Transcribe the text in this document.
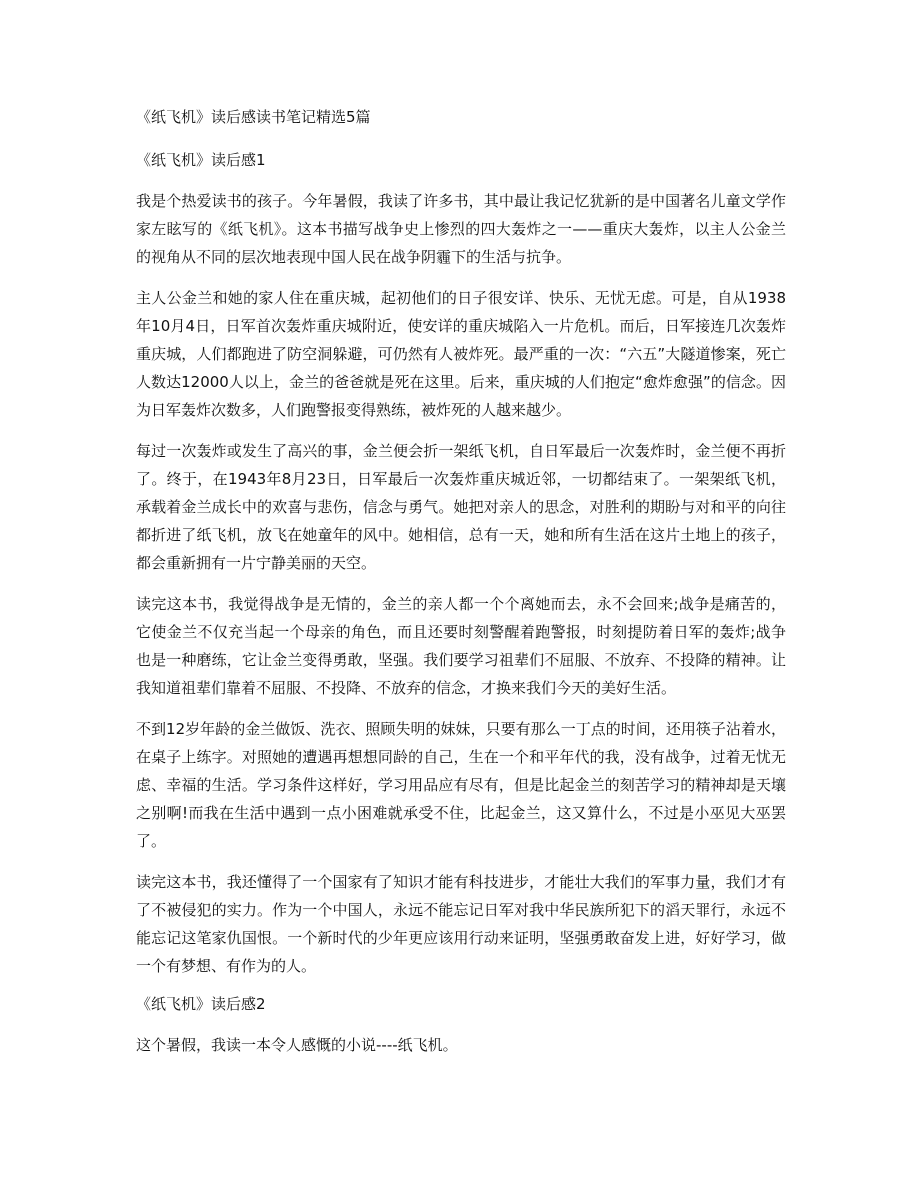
《纸飞机》读后感读书笔记精选5篇
《纸飞机》读后感1

我是个热爱读书的孩子。今年暑假，我读了许多书，其中最让我记忆犹新的是中国著名儿童文学作家左眩写的《纸飞机》。这本书描写战争史上惨烈的四大轰炸之一——重庆大轰炸，以主人公金兰的视角从不同的层次地表现中国人民在战争阴霾下的生活与抗争。

主人公金兰和她的家人住在重庆城，起初他们的日子很安详、快乐、无忧无虑。可是，自从1938年10月4日，日军首次轰炸重庆城附近，使安详的重庆城陷入一片危机。而后，日军接连几次轰炸重庆城，人们都跑进了防空洞躲避，可仍然有人被炸死。最严重的一次：“六五”大隧道惨案，死亡人数达12000人以上，金兰的爸爸就是死在这里。后来，重庆城的人们抱定“愈炸愈强”的信念。因为日军轰炸次数多，人们跑警报变得熟练，被炸死的人越来越少。

每过一次轰炸或发生了高兴的事，金兰便会折一架纸飞机，自日军最后一次轰炸时，金兰便不再折了。终于，在1943年8月23日，日军最后一次轰炸重庆城近邻，一切都结束了。一架架纸飞机，承载着金兰成长中的欢喜与悲伤，信念与勇气。她把对亲人的思念，对胜利的期盼与对和平的向往都折进了纸飞机，放飞在她童年的风中。她相信，总有一天，她和所有生活在这片土地上的孩子，都会重新拥有一片宁静美丽的天空。

读完这本书，我觉得战争是无情的，金兰的亲人都一个个离她而去，永不会回来;战争是痛苦的，它使金兰不仅充当起一个母亲的角色，而且还要时刻警醒着跑警报，时刻提防着日军的轰炸;战争也是一种磨练，它让金兰变得勇敢，坚强。我们要学习祖辈们不屈服、不放弃、不投降的精神。让我知道祖辈们靠着不屈服、不投降、不放弃的信念，才换来我们今天的美好生活。

不到12岁年龄的金兰做饭、洗衣、照顾失明的妹妹，只要有那么一丁点的时间，还用筷子沾着水，在桌子上练字。对照她的遭遇再想想同龄的自己，生在一个和平年代的我，没有战争，过着无忧无虑、幸福的生活。学习条件这样好，学习用品应有尽有，但是比起金兰的刻苦学习的精神却是天壤之别啊!而我在生活中遇到一点小困难就承受不住，比起金兰，这又算什么，不过是小巫见大巫罢了。

读完这本书，我还懂得了一个国家有了知识才能有科技进步，才能壮大我们的军事力量，我们才有了不被侵犯的实力。作为一个中国人，永远不能忘记日军对我中华民族所犯下的滔天罪行，永远不能忘记这笔家仇国恨。一个新时代的少年更应该用行动来证明，坚强勇敢奋发上进，好好学习，做一个有梦想、有作为的人。

《纸飞机》读后感2

这个暑假，我读一本令人感慨的小说----纸飞机。
